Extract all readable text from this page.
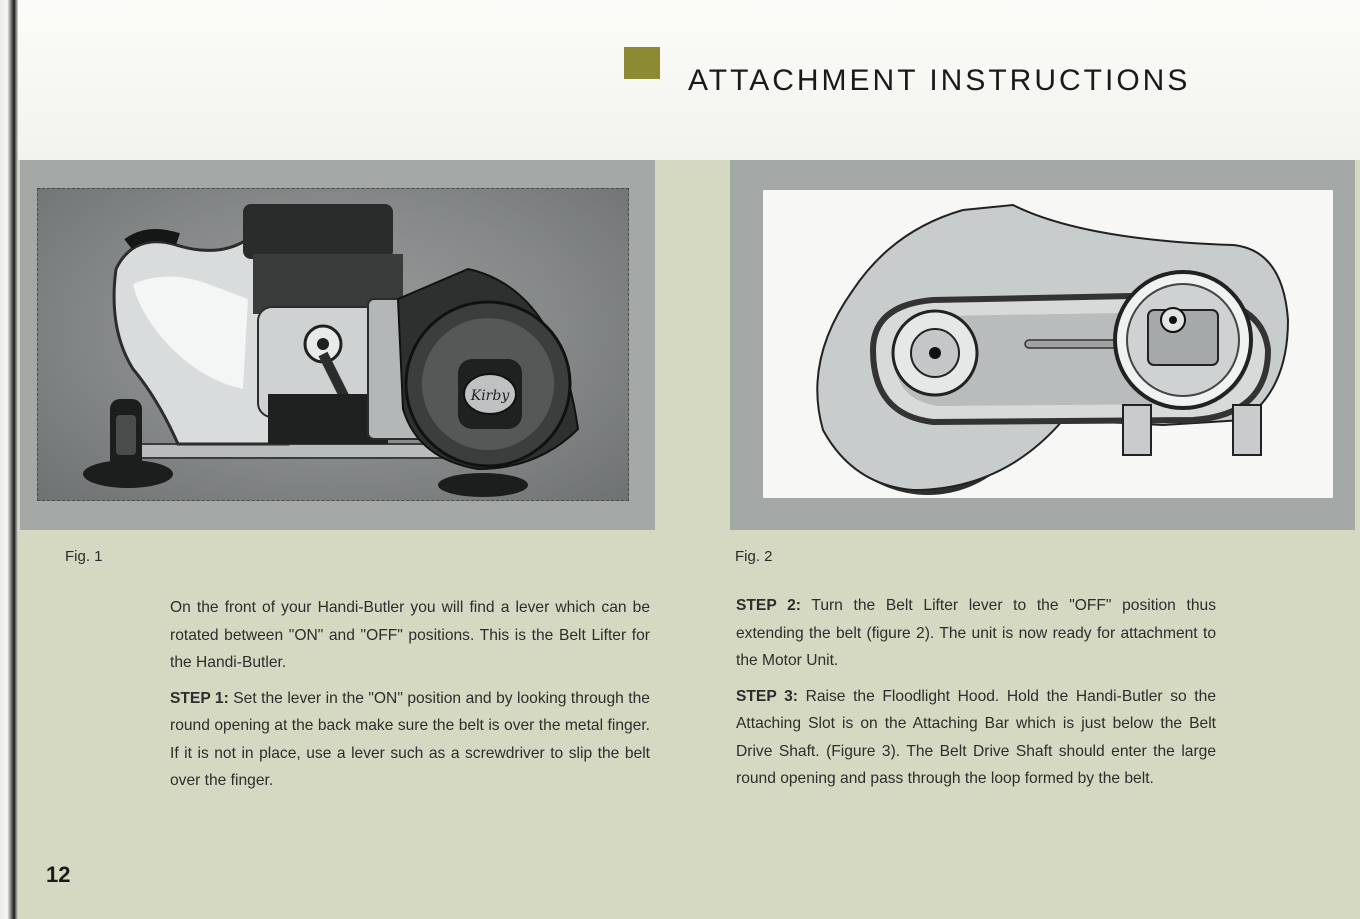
ATTACHMENT INSTRUCTIONS
Kirby
Fig. 1	Fig. 2

On the front of your Handi-Butler you will find a lever which can be rotated between "ON" and "OFF" positions. This is the Belt Lifter for the Handi-Butler.

STEP 1: Set the lever in the "ON" position and by looking through the round opening at the back make sure the belt is over the metal finger. If it is not in place, use a lever such as a screwdriver to slip the belt over the finger.

STEP 2: Turn the Belt Lifter lever to the "OFF" position thus extending the belt (figure 2). The unit is now ready for attachment to the Motor Unit.

STEP 3: Raise the Floodlight Hood. Hold the Handi-Butler so the Attaching Slot is on the Attaching Bar which is just below the Belt Drive Shaft. (Figure 3). The Belt Drive Shaft should enter the large round opening and pass through the loop formed by the belt.

12
